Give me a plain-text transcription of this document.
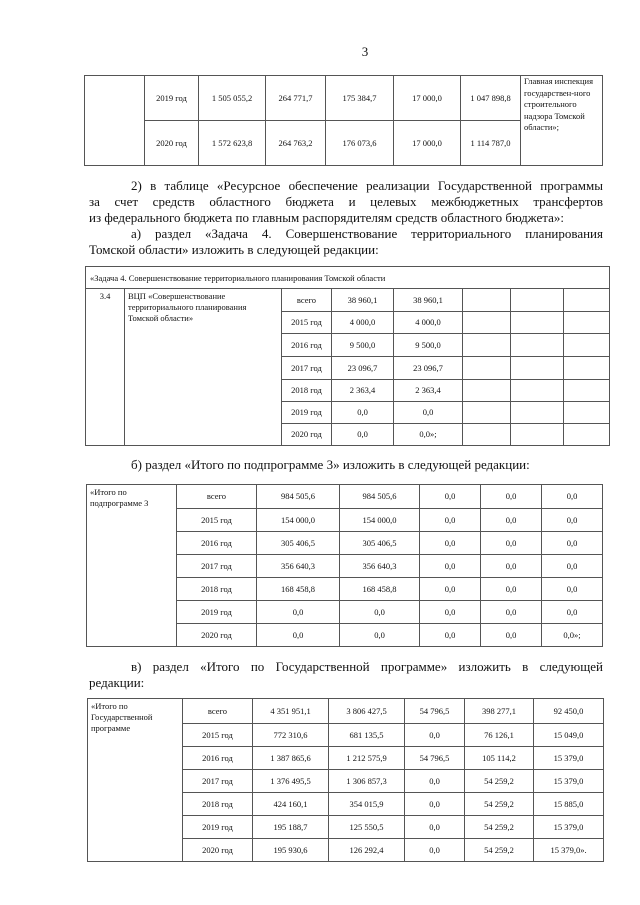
3
	2019 год	1 505 055,2	264 771,7	175 384,7	17 000,0	1 047 898,8	Главная инспекция государствен-ного строительного надзора Томской области»;
	2020 год	1 572 623,8	264 763,2	176 073,6	17 000,0	1 114 787,0	
2) в таблице «Ресурсное обеспечение реализации Государственной программы
за счет средств областного бюджета и целевых межбюджетных трансфертов
из федерального бюджета по главным распорядителям средств областного бюджета»:
а) раздел «Задача 4. Совершенствование территориального планирования
Томской области» изложить в следующей редакции:
«Задача 4. Совершенствование территориального планирования Томской области							
3.4	ВЦП «Совершенствование территориального планирования Томской области»	всего	38 960,1	38 960,1			
		2015 год	4 000,0	4 000,0			
		2016 год	9 500,0	9 500,0			
		2017 год	23 096,7	23 096,7			
		2018 год	2 363,4	2 363,4			
		2019 год	0,0	0,0			
		2020 год	0,0	0,0»;			
б) раздел «Итого по подпрограмме 3» изложить в следующей редакции:
«Итого по подпрограмме 3	всего	984 505,6	984 505,6	0,0	0,0	0,0
	2015 год	154 000,0	154 000,0	0,0	0,0	0,0
	2016 год	305 406,5	305 406,5	0,0	0,0	0,0
	2017 год	356 640,3	356 640,3	0,0	0,0	0,0
	2018 год	168 458,8	168 458,8	0,0	0,0	0,0
	2019 год	0,0	0,0	0,0	0,0	0,0
	2020 год	0,0	0,0	0,0	0,0	0,0»;
в) раздел «Итого по Государственной программе» изложить в следующей
редакции:
«Итого по Государственной программе	всего	4 351 951,1	3 806 427,5	54 796,5	398 277,1	92 450,0
	2015 год	772 310,6	681 135,5	0,0	76 126,1	15 049,0
	2016 год	1 387 865,6	1 212 575,9	54 796,5	105 114,2	15 379,0
	2017 год	1 376 495,5	1 306 857,3	0,0	54 259,2	15 379,0
	2018 год	424 160,1	354 015,9	0,0	54 259,2	15 885,0
	2019 год	195 188,7	125 550,5	0,0	54 259,2	15 379,0
	2020 год	195 930,6	126 292,4	0,0	54 259,2	15 379,0».
